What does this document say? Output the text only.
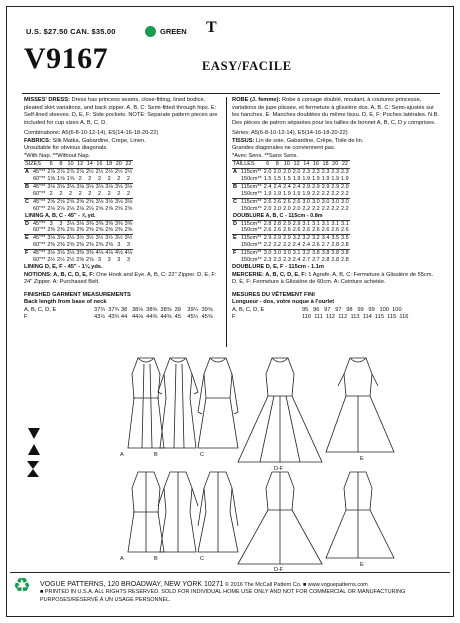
U.S. $27.50 CAN. $35.00	GREEN T
V9167	EASY/FACILE
MISSES' DRESS: Dress has princess seams, close-fitting, lined bodice, pleated skirt variations, and back zipper. A, B, C: Semi-fitted through hips. E: Self-lined sleeves. D, E, F: Side pockets. NOTE: Separate pattern pieces are included for cup sizes A, B, C, D.
Combinations: A5(6-8-10-12-14), E5(14-16-18-20-22)
FABRICS: Silk Matka, Gabardine, Crepe, Linen.
Unsuitable for obvious diagonals.
*With Nap. **Without Nap.
SIZES		6	8	10	12	14	16	18	20	22
A	45"**	2⅞	2⅞	2⅞	2⅞	2½	2½	2½	2½	2½
	60"**	1⅝	1⅝	1⅝	2	2	2	2	2	2
B	45"**	3⅛	3⅛	3⅛	3⅛	3⅛	3⅛	3⅛	3⅛	3⅛
	60"**	2	2	2	2	2	2	2	2	2
C	45"**	2⅝	2⅝	2⅝	2⅝	2⅝	3⅛	3⅛	3⅛	3⅛
	60"**	2⅛	2⅛	2⅛	2⅛	2⅛	2⅝	2⅝	2⅝	2⅝
LINING A, B, C - 45" - ⅞ yd.										
D	45"**	3	3	3⅛	3⅛	3⅜	3⅜	3⅜	3⅜	3⅜
	60"**	2⅜	2⅜	2⅜	2⅜	2⅜	2⅜	2⅜	2⅜	2⅜
E	45"**	3⅛	3⅛	3⅛	3½	3½	3½	3½	3½	3½
	60"**	2⅜	2⅜	2⅜	2⅜	2⅜	2⅜	2⅜	3	3
F	45"**	3⅛	3⅛	3⅛	3⅜	3⅜	4⅛	4⅛	4⅛	4⅛
	60"**	2½	2½	2½	2⅝	2⅝	3	3	3	3
LINING D, E, F - 45" - 1⅛ yds.
NOTIONS: A, B, C, D, E, F: One Hook and Eye. A, B, C: 22" Zipper. D, E, F: 24" Zipper. A: Purchased Belt.
FINISHED GARMENT MEASUREMENTS
Back length from base of neck
A, B, C, D, E	37¾  37¾ 38   38⅛  38⅜  38⅜  39    39¼  39⅝
F	43½  43¾ 44   44⅛  44⅜  44⅝  45    45¼  45⅝
ROBE (J. femme): Robe à corsage doublé, moulant, à coutures princesse, variations de jupe plissée, et fermeture à glissière dos. A, B, C: Semi-ajustés sur les hanches. E: Manches doublées du même tissu. D, E, F: Poches latérales. N.B. Des pièces de patron séparées pour les tailles de bonnet A, B, C, D y comprises.
Séries: A5(6-8-10-12-14), E5(14-16-18-20-22)
TISSUS: Lin de soie, Gabardine, Crêpe, Toile de lin.
Grandes diagonales ne conviennent pas.
*Avec Sens. **Sans Sens.
TAILLES		6	8	10	12	14	16	18	20	22
A	115cm**	2.0	2.0	2.0	2.0	2.3	2.3	2.3	2.3	2.3
	150cm**	1.5	1.5	1.5	1.9	1.9	1.9	1.9	1.9	1.9
B	115cm**	2.4	2.4	2.4	2.4	2.9	2.9	2.9	2.9	2.9
	150cm**	1.9	1.9	1.9	1.9	1.9	2.2	2.2	2.2	2.2
C	115cm**	2.6	2.6	2.6	2.6	3.0	3.0	3.0	3.0	3.0
	150cm**	2.0	2.0	2.0	2.0	2.2	2.2	2.2	2.2	2.2
DOUBLURE A, B, C - 115cm - 0.8m										
D	115cm**	2.8	2.8	2.9	2.9	3.1	3.1	3.1	3.1	3.1
	150cm**	2.6	2.6	2.6	2.6	2.6	2.6	2.6	2.6	2.6
E	115cm**	2.9	2.9	2.9	3.2	3.2	3.2	3.4	3.5	3.5
	150cm**	2.2	2.2	2.2	2.4	2.4	2.6	2.7	2.8	2.8
F	115cm**	3.0	3.0	3.0	3.1	3.2	3.8	3.8	3.8	3.8
	150cm**	2.3	2.3	2.3	2.4	2.7	2.7	2.8	2.8	2.8
DOUBLURE D, E, F - 115cm - 1.1m
MERCERIE: A, B, C, D, E, F: 1 Agrafe. A, B, C: Fermeture à Glissière de 55cm. D, E, F: Fermeture à Glissière de 60cm. A: Ceinture achetée.
MESURES DU VÊTEMENT FINI
Longueur - dos, votre nuque à l'ourlet
A, B, C, D, E	95   96   97   97   98   99   99   100  100
F	110  111  112  112  113  114  115  115  116
A	B	C
D-F
E
A	B	C
D-F
E
♻	VOGUE PATTERNS, 120 BROADWAY, NEW YORK 10271 © 2016 The McCall Pattern Co. ■ www.voguepatterns.com
■ PRINTED IN U.S.A. ALL RIGHTS RESERVED. SOLD FOR INDIVIDUAL HOME USE ONLY AND NOT FOR COMMERCIAL OR MANUFACTURING PURPOSES/RÉSERVÉ À UN USAGE PERSONNEL.
